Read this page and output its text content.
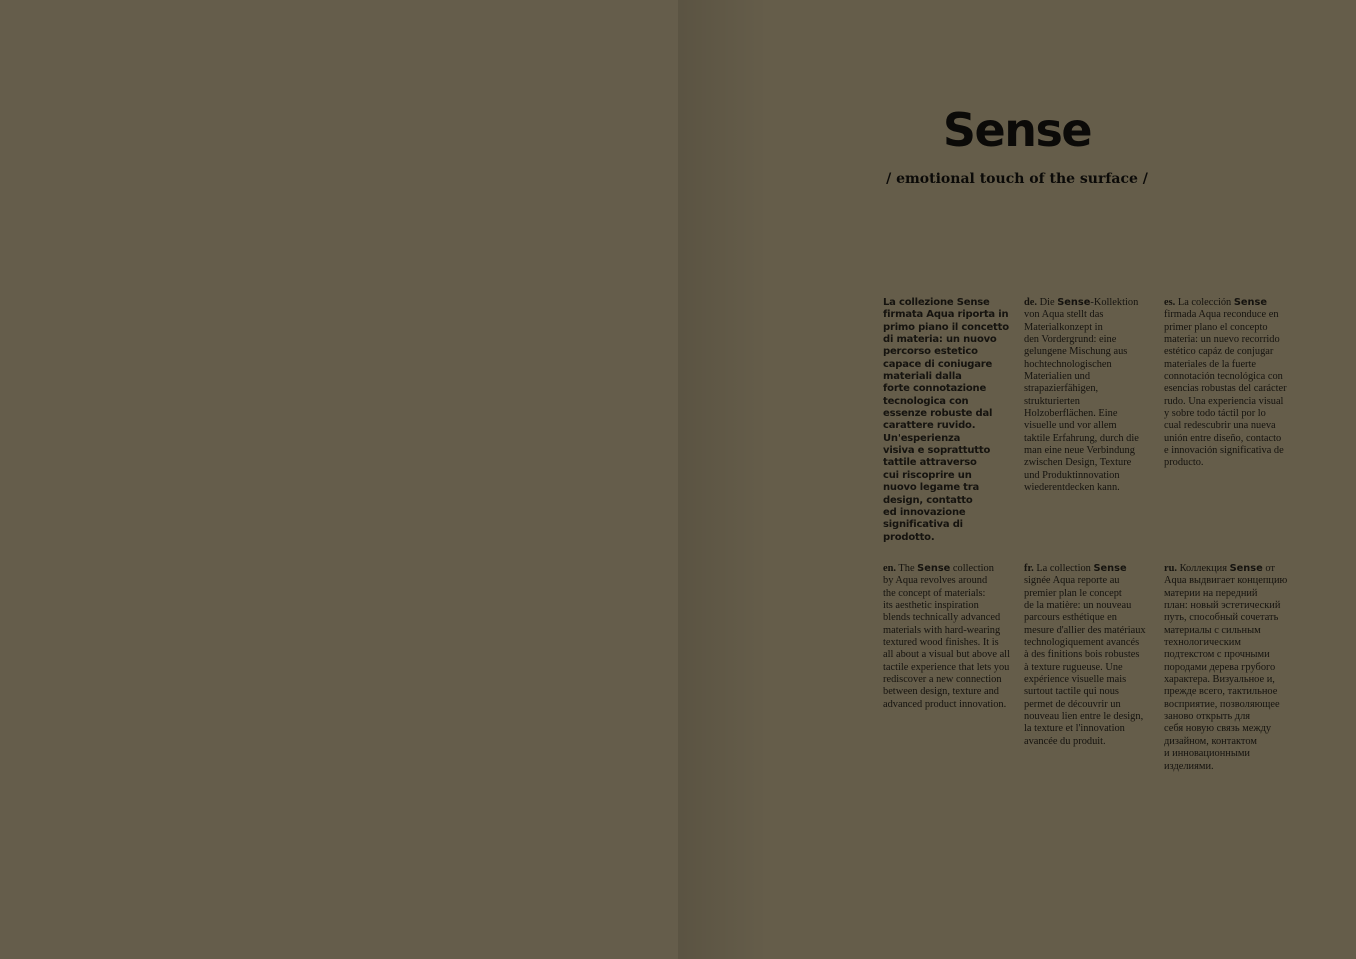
Sense
/ emotional touch of the surface /
La collezione Sense
firmata Aqua riporta in
primo piano il concetto
di materia: un nuovo
percorso estetico
capace di coniugare
materiali dalla
forte connotazione
tecnologica con
essenze robuste dal
carattere ruvido.
Un'esperienza
visiva e soprattutto
tattile attraverso
cui riscoprire un
nuovo legame tra
design, contatto
ed innovazione
significativa di
prodotto.
de. Die Sense-Kollektion
von Aqua stellt das
Materialkonzept in
den Vordergrund: eine
gelungene Mischung aus
hochtechnologischen
Materialien und
strapazierfähigen,
strukturierten
Holzoberflächen. Eine
visuelle und vor allem
taktile Erfahrung, durch die
man eine neue Verbindung
zwischen Design, Texture
und Produktinnovation
wiederentdecken kann.
es. La colección Sense
firmada Aqua reconduce en
primer plano el concepto
materia: un nuevo recorrido
estético capáz de conjugar
materiales de la fuerte
connotación tecnológica con
esencias robustas del carácter
rudo. Una experiencia visual
y sobre todo táctil por lo
cual redescubrir una nueva
unión entre diseño, contacto
e innovación significativa de
producto.
en. The Sense collection
by Aqua revolves around
the concept of materials:
its aesthetic inspiration
blends technically advanced
materials with hard-wearing
textured wood finishes. It is
all about a visual but above all
tactile experience that lets you
rediscover a new connection
between design, texture and
advanced product innovation.
fr. La collection Sense
signée Aqua reporte au
premier plan le concept
de la matière: un nouveau
parcours esthétique en
mesure d'allier des matériaux
technologiquement avancés
à des finitions bois robustes
à texture rugueuse. Une
expérience visuelle mais
surtout tactile qui nous
permet de découvrir un
nouveau lien entre le design,
la texture et l'innovation
avancée du produit.
ru. Коллекция Sense от
Aqua выдвигает концепцию
материи на передний
план: новый эстетический
путь, способный сочетать
материалы с сильным
технологическим
подтекстом с прочными
породами дерева грубого
характера. Визуальное и,
прежде всего, тактильное
восприятие, позволяющее
заново открыть для
себя новую связь между
дизайном, контактом
и инновационными
изделиями.
